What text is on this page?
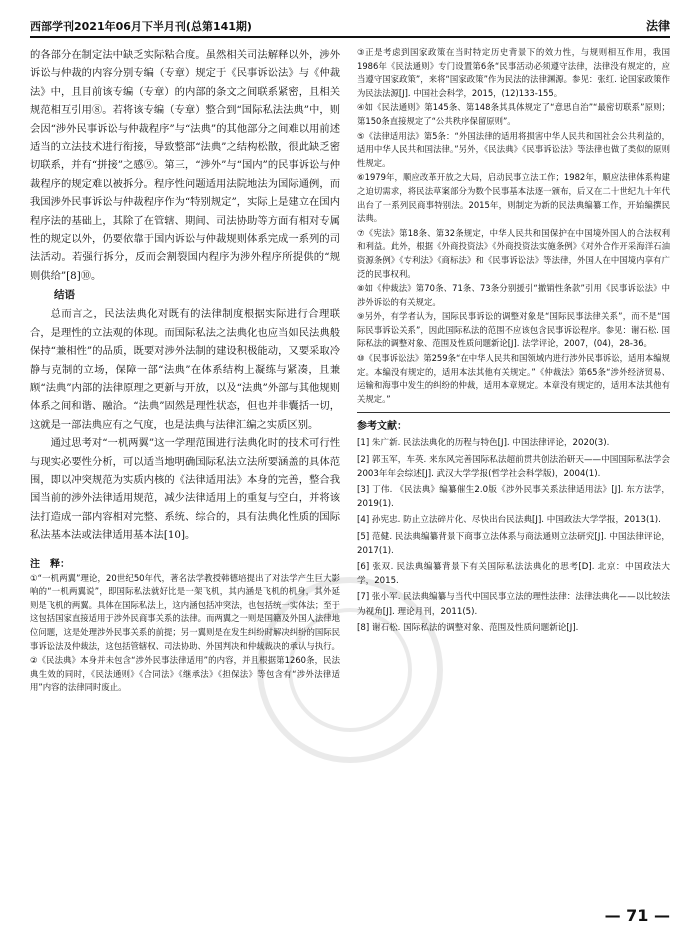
西部学刊2021年06月下半月刊(总第141期)	法律

的各部分在制定法中缺乏实际粘合度。虽然相关司法解释以外，涉外诉讼与仲裁的内容分别专编（专章）规定于《民事诉讼法》与《仲裁法》中，且目前该专编（专章）的内部的条文之间联系紧密，且相关规范相互引用⑧。若将该专编（专章）整合到“国际私法法典”中，则会因“涉外民事诉讼与仲裁程序”与“法典”的其他部分之间难以用前述适当的立法技术进行衔接，导致整部“法典”之结构松散，很此缺乏密切联系，并有“拼接”之感⑨。第三，“涉外”与“国内”的民事诉讼与仲裁程序的规定难以被拆分。程序性问题适用法院地法为国际通例，而我国涉外民事诉讼与仲裁程序作为“特别规定”，实际上是建立在国内程序法的基础上，其除了在管辖、期间、司法协助等方面有相对专属性的规定以外，仍要依靠于国内诉讼与仲裁规则体系完成一系列的司法活动。若强行拆分，反而会割裂国内程序为涉外程序所提供的“规则供给”[8]⑩。

结语

总而言之，民法法典化对既有的法律制度根据实际进行合理联合，是理性的立法观的体现。而国际私法之法典化也应当如民法典般保持“兼相性”的品质，既要对涉外法制的建设积极能动，又要采取冷静与克制的立场，保障一部“法典”在体系结构上凝练与紧凑，且兼顾“法典”内部的法律原理之更新与开放，以及“法典”外部与其他规则体系之间和谐、融洽。“法典”固然是理性状态，但也并非囊括一切，这就是一部法典应有之气度，也是法典与法律汇编之实质区别。

通过思考对“一机两翼”这一学理范围进行法典化时的技术可行性与现实必要性分析，可以适当地明确国际私法立法所要涵盖的具体范围，即以冲突规范为实质内核的《法律适用法》本身的完善，整合我国当前的涉外法律适用规范，减少法律适用上的重复与空白，并将该法打造成一部内容相对完整、系统、综合的，具有法典化性质的国际私法基本法或法律适用基本法[10]。

注　释：

①“一机两翼”理论，20世纪50年代，著名法学教授韩德培提出了对法学产生巨大影响的“一机两翼说”，即国际私法就好比是一架飞机，其内涵是飞机的机身，其外延则是飞机的两翼。具体在国际私法上，这内涵包括冲突法，也包括统一实体法；至于这包括国家直接适用于涉外民商事关系的法律。而两翼之一则是国籍及外国人法律地位问题，这是处理涉外民事关系的前提；另一翼则是在发生纠纷时解决纠纷的国际民事诉讼法及仲裁法，这包括管辖权、司法协助、外国判决和仲裁裁决的承认与执行。

②《民法典》本身并未包含“涉外民事法律适用”的内容，并且根据第1260条，民法典生效的同时，《民法通则》《合同法》《继承法》《担保法》等包含有“涉外法律适用”内容的法律同时废止。

③正是考虑到国家政策在当时特定历史背景下的效力性，与规则相互作用，我国1986年《民法通则》专门设置第6条“民事活动必须遵守法律，法律没有规定的，应当遵守国家政策”，来将“国家政策”作为民法的法律渊源。参见：张红. 论国家政策作为民法法源[J]. 中国社会科学，2015，(12)133-155。

④如《民法通则》第145条、第148条其具体规定了“意思自治”“最密切联系”原则；第150条直接规定了“公共秩序保留原则”。

⑤《法律适用法》第5条：“外国法律的适用将损害中华人民共和国社会公共利益的，适用中华人民共和国法律。”另外，《民法典》《民事诉讼法》等法律也做了类似的原则性规定。

⑥1979年，顺应改革开放之大局，启动民事立法工作；1982年，顺应法律体系构建之迫切需求，将民法草案部分为数个民事基本法逐一颁布，后又在二十世纪九十年代出台了一系列民商事特别法。2015年，则制定为新的民法典编纂工作，开始编撰民法典。

⑦《宪法》第18条、第32条规定，中华人民共和国保护在中国境外国人的合法权利和利益。此外，根据《外商投资法》《外商投资法实施条例》《对外合作开采海洋石油资源条例》《专利法》《商标法》和《民事诉讼法》等法律，外国人在中国境内享有广泛的民事权利。

⑧如《仲裁法》第70条、71条、73条分别援引“撤销性条款”引用《民事诉讼法》中涉外诉讼的有关规定。

⑨另外，有学者认为，国际民事诉讼的调整对象是“国际民事法律关系”，而不是“国际民事诉讼关系”，因此国际私法的范围不应该包含民事诉讼程序。参见：谢石松. 国际私法的调整对象、范围及性质问题新论[J]. 法学评论，2007，(04)，28-36。

⑩《民事诉讼法》第259条“在中华人民共和国领域内进行涉外民事诉讼，适用本编规定。本编没有规定的，适用本法其他有关规定。”《仲裁法》第65条“涉外经济贸易、运输和海事中发生的纠纷的仲裁，适用本章规定。本章没有规定的，适用本法其他有关规定。”

参考文献：

[1] 朱广新. 民法法典化的历程与特色[J]. 中国法律评论，2020(3).

[2] 郭玉军，车英. 来东风完善国际私法超前贯共创法治研天——中国国际私法学会2003年年会综述[J]. 武汉大学学报(哲学社会科学版)，2004(1).

[3] 丁伟. 《民法典》编纂催生2.0版《涉外民事关系法律适用法》[J]. 东方法学，2019(1).

[4] 孙宪忠. 防止立法碎片化、尽快出台民法典[J]. 中国政法大学学报，2013(1).

[5] 范健. 民法典编纂背景下商事立法体系与商法通则立法研究[J]. 中国法律评论，2017(1).

[6] 张双. 民法典编纂背景下有关国际私法法典化的思考[D]. 北京：中国政法大学，2015.

[7] 张小军. 民法典编纂与当代中国民事立法的理性法律：法律法典化——以比较法为视角[J]. 理论月刊，2011(5).

[8] 谢石松. 国际私法的调整对象、范围及性质问题新论[J].

— 71 —
